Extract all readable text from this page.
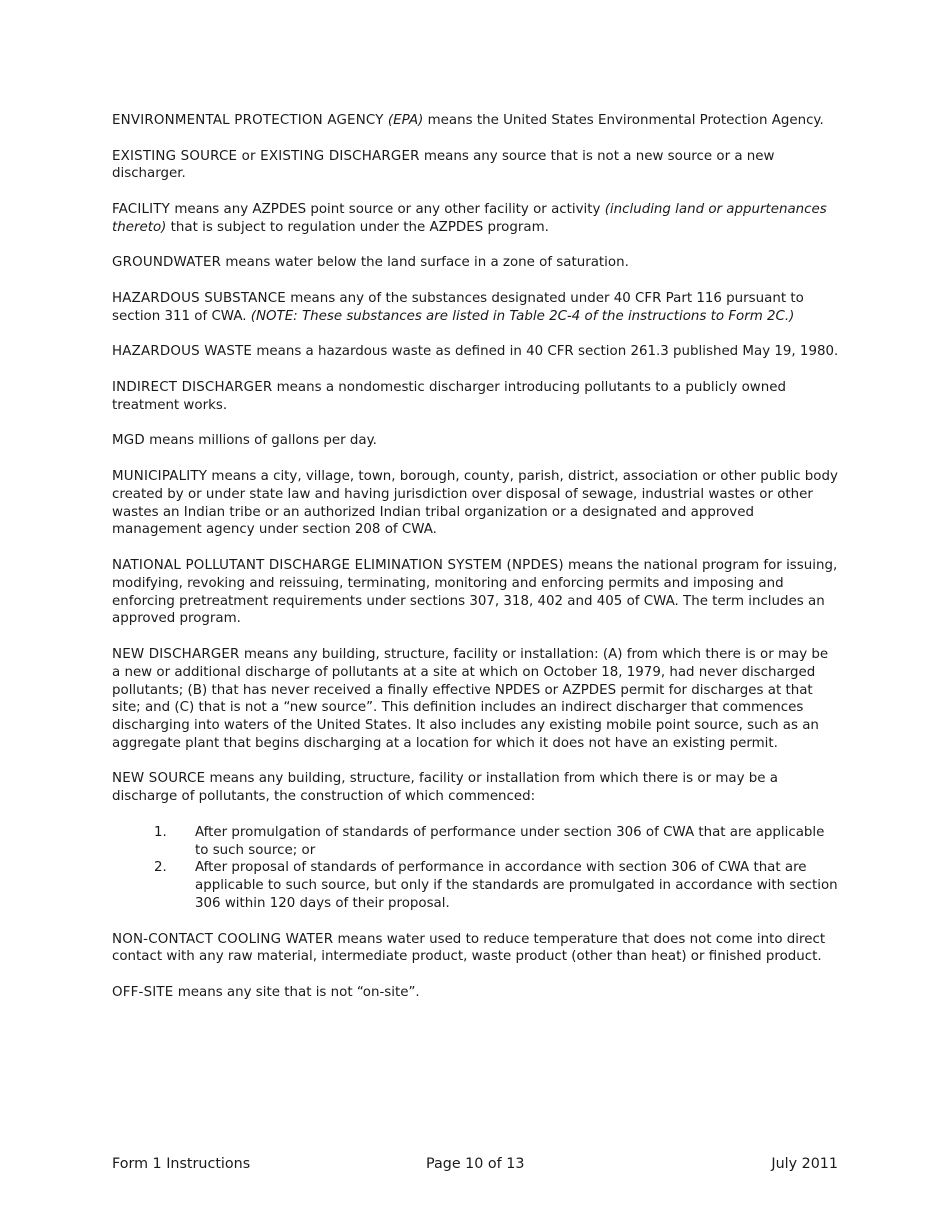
ENVIRONMENTAL PROTECTION AGENCY (EPA) means the United States Environmental Protection Agency.

EXISTING SOURCE or EXISTING DISCHARGER means any source that is not a new source or a new discharger.

FACILITY means any AZPDES point source or any other facility or activity (including land or appurtenances thereto) that is subject to regulation under the AZPDES program.

GROUNDWATER means water below the land surface in a zone of saturation.

HAZARDOUS SUBSTANCE means any of the substances designated under 40 CFR Part 116 pursuant to section 311 of CWA. (NOTE: These substances are listed in Table 2C-4 of the instructions to Form 2C.)

HAZARDOUS WASTE means a hazardous waste as defined in 40 CFR section 261.3 published May 19, 1980.

INDIRECT DISCHARGER means a nondomestic discharger introducing pollutants to a publicly owned treatment works.

MGD means millions of gallons per day.

MUNICIPALITY means a city, village, town, borough, county, parish, district, association or other public body created by or under state law and having jurisdiction over disposal of sewage, industrial wastes or other wastes an Indian tribe or an authorized Indian tribal organization or a designated and approved management agency under section 208 of CWA.

NATIONAL POLLUTANT DISCHARGE ELIMINATION SYSTEM (NPDES) means the national program for issuing, modifying, revoking and reissuing, terminating, monitoring and enforcing permits and imposing and enforcing pretreatment requirements under sections 307, 318, 402 and 405 of CWA. The term includes an approved program.

NEW DISCHARGER means any building, structure, facility or installation: (A) from which there is or may be a new or additional discharge of pollutants at a site at which on October 18, 1979, had never discharged pollutants; (B) that has never received a finally effective NPDES or AZPDES permit for discharges at that site; and (C) that is not a “new source”. This definition includes an indirect discharger that commences discharging into waters of the United States. It also includes any existing mobile point source, such as an aggregate plant that begins discharging at a location for which it does not have an existing permit.

NEW SOURCE means any building, structure, facility or installation from which there is or may be a discharge of pollutants, the construction of which commenced:

1. After promulgation of standards of performance under section 306 of CWA that are applicable to such source; or
2. After proposal of standards of performance in accordance with section 306 of CWA that are applicable to such source, but only if the standards are promulgated in accordance with section 306 within 120 days of their proposal.

NON-CONTACT COOLING WATER means water used to reduce temperature that does not come into direct contact with any raw material, intermediate product, waste product (other than heat) or finished product.

OFF-SITE means any site that is not “on-site”.

Form 1 Instructions	Page 10 of 13	July 2011
